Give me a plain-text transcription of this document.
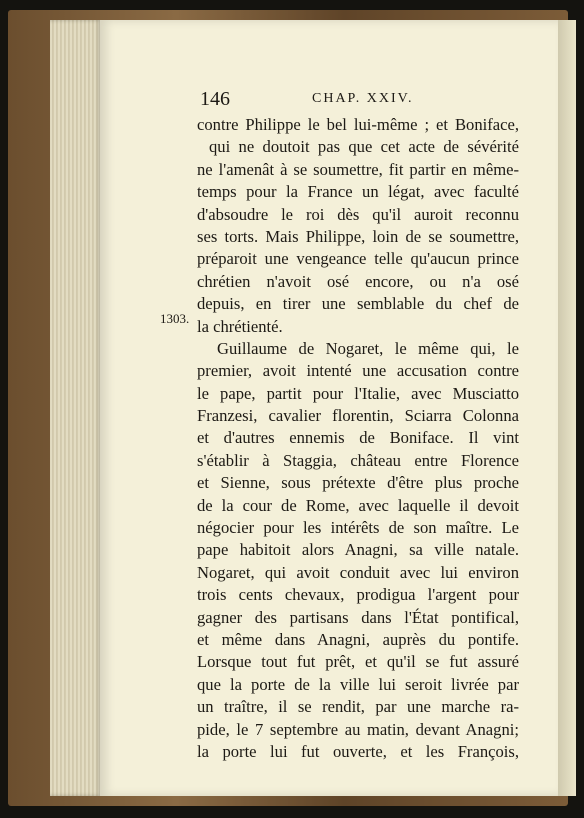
146	CHAP. XXIV.
1303.
contre Philippe le bel lui-même ; et Boniface,
qui ne doutoit pas que cet acte de sévérité
ne l'amenât à se soumettre, fit partir en même-
temps pour la France un légat, avec faculté
d'absoudre le roi dès qu'il auroit reconnu
ses torts. Mais Philippe, loin de se soumettre,
préparoit une vengeance telle qu'aucun prince
chrétien n'avoit osé encore, ou n'a osé
depuis, en tirer une semblable du chef de
la chrétienté.
Guillaume de Nogaret, le même qui, le
premier, avoit intenté une accusation contre
le pape, partit pour l'Italie, avec Musciatto
Franzesi, cavalier florentin, Sciarra Colonna
et d'autres ennemis de Boniface. Il vint
s'établir à Staggia, château entre Florence
et Sienne, sous prétexte d'être plus proche
de la cour de Rome, avec laquelle il devoit
négocier pour les intérêts de son maître. Le
pape habitoit alors Anagni, sa ville natale.
Nogaret, qui avoit conduit avec lui environ
trois cents chevaux, prodigua l'argent pour
gagner des partisans dans l'État pontifical,
et même dans Anagni, auprès du pontife.
Lorsque tout fut prêt, et qu'il se fut assuré
que la porte de la ville lui seroit livrée par
un traître, il se rendit, par une marche ra-
pide, le 7 septembre au matin, devant Anagni;
la porte lui fut ouverte, et les François,
